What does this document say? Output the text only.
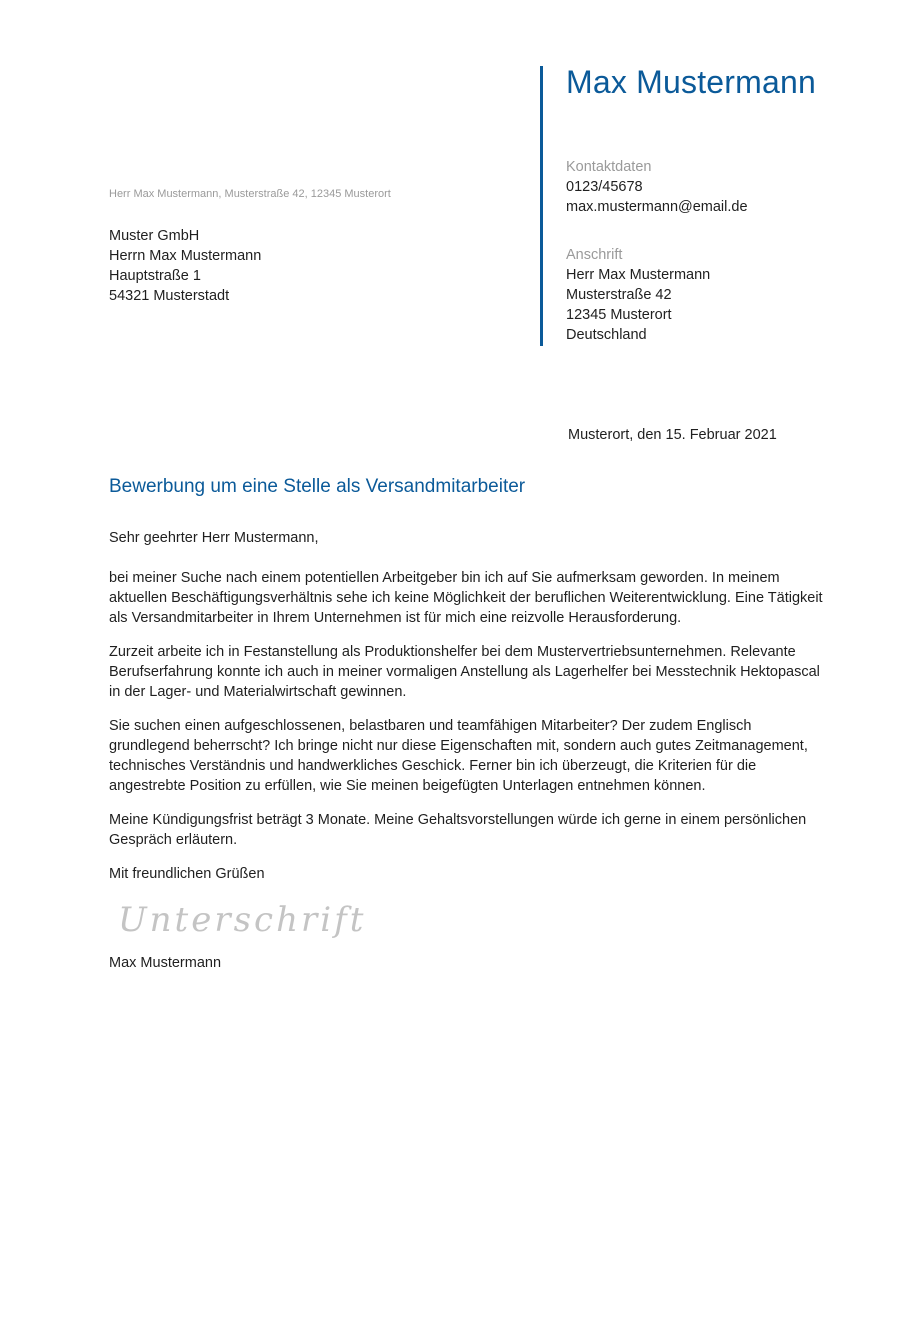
Max Mustermann
Kontaktdaten
0123/45678
max.mustermann@email.de
Anschrift
Herr Max Mustermann
Musterstraße 42
12345 Musterort
Deutschland
Herr Max Mustermann, Musterstraße 42, 12345 Musterort
Muster GmbH
Herrn Max Mustermann
Hauptstraße 1
54321 Musterstadt
Musterort, den 15. Februar 2021
Bewerbung um eine Stelle als Versandmitarbeiter

Sehr geehrter Herr Mustermann,

bei meiner Suche nach einem potentiellen Arbeitgeber bin ich auf Sie aufmerksam geworden. In meinem aktuellen Beschäftigungsverhältnis sehe ich keine Möglichkeit der beruflichen Weiterentwicklung. Eine Tätigkeit als Versandmitarbeiter in Ihrem Unternehmen ist für mich eine reizvolle Herausforderung.

Zurzeit arbeite ich in Festanstellung als Produktionshelfer bei dem Mustervertriebsunternehmen. Relevante Berufserfahrung konnte ich auch in meiner vormaligen Anstellung als Lagerhelfer bei Messtechnik Hektopascal in der Lager- und Materialwirtschaft gewinnen.

Sie suchen einen aufgeschlossenen, belastbaren und teamfähigen Mitarbeiter? Der zudem Englisch grundlegend beherrscht? Ich bringe nicht nur diese Eigenschaften mit, sondern auch gutes Zeitmanagement, technisches Verständnis und handwerkliches Geschick. Ferner bin ich überzeugt, die Kriterien für die angestrebte Position zu erfüllen, wie Sie meinen beigefügten Unterlagen entnehmen können.

Meine Kündigungsfrist beträgt 3 Monate. Meine Gehaltsvorstellungen würde ich gerne in einem persönlichen Gespräch erläutern.

Mit freundlichen Grüßen

Unterschrift
Max Mustermann
